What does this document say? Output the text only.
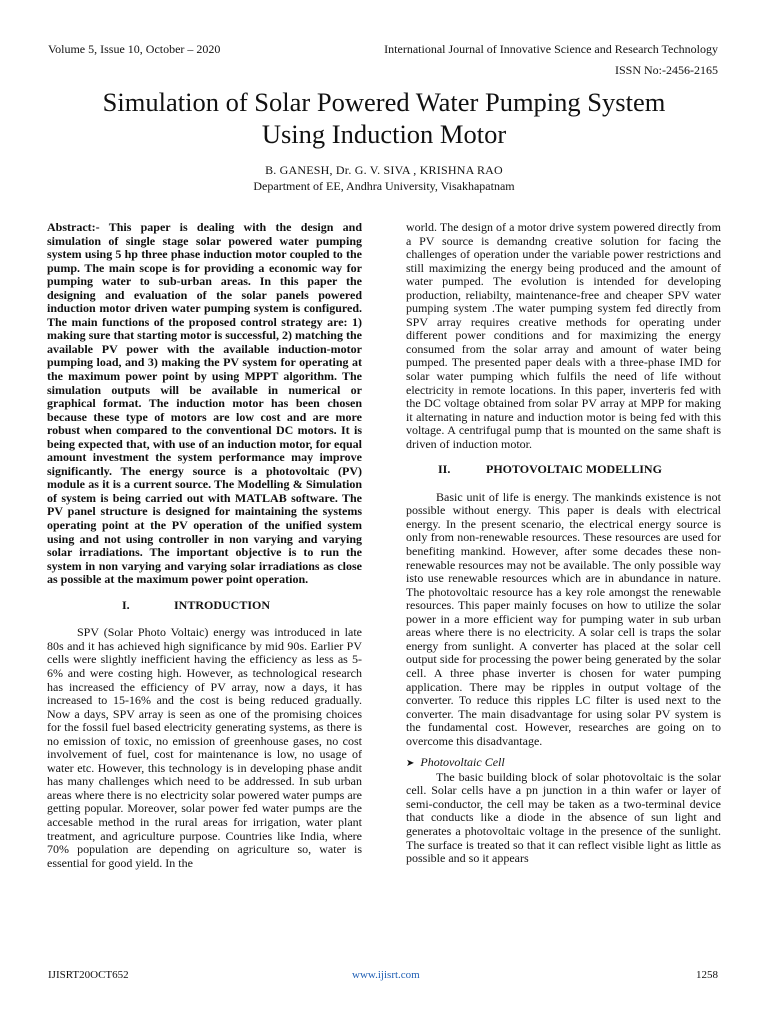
Volume 5, Issue 10, October – 2020	International Journal of Innovative Science and Research Technology
ISSN No:-2456-2165
Simulation of Solar Powered Water Pumping System
Using Induction Motor
B. GANESH, Dr. G. V. SIVA , KRISHNA RAO
Department of EE, Andhra University, Visakhapatnam

Abstract:- This paper is dealing with the design and simulation of single stage solar powered water pumping system using 5 hp three phase induction motor coupled to the pump. The main scope is for providing a economic way for pumping water to sub-urban areas. In this paper the designing and evaluation of the solar panels powered induction motor driven water pumping system is configured. The main functions of the proposed control strategy are: 1) making sure that starting motor is successful, 2) matching the available PV power with the available induction-motor pumping load, and 3) making the PV system for operating at the maximum power point by using MPPT algorithm. The simulation outputs will be available in numerical or graphical format. The induction motor has been chosen because these type of motors are low cost and are more robust when compared to the conventional DC motors. It is being expected that, with use of an induction motor, for equal amount investment the system performance may improve significantly. The energy source is a photovoltaic (PV) module as it is a current source. The Modelling & Simulation of system is being carried out with MATLAB software. The PV panel structure is designed for maintaining the systems operating point at the PV operation of the unified system using and not using controller in non varying and varying solar irradiations. The important objective is to run the system in non varying and varying solar irradiations as close as possible at the maximum power point operation.

I.	INTRODUCTION

SPV (Solar Photo Voltaic) energy was introduced in late 80s and it has achieved high significance by mid 90s. Earlier PV cells were slightly inefficient having the efficiency as less as 5-6% and were costing high. However, as technological research has increased the efficiency of PV array, now a days, it has increased to 15-16% and the cost is being reduced gradually. Now a days, SPV array is seen as one of the promising choices for the fossil fuel based electricity generating systems, as there is no emission of toxic, no emission of greenhouse gases, no cost involvement of fuel, cost for maintenance is low, no usage of water etc. However, this technology is in developing phase andit has many challenges which need to be addressed. In sub urban areas where there is no electricity solar powered water pumps are getting popular. Moreover, solar power fed water pumps are the accesable method in the rural areas for irrigation, water plant treatment, and agriculture purpose. Countries like India, where 70% population are depending on agriculture so, water is essential for good yield. In the

world. The design of a motor drive system powered directly from a PV source is demandng creative solution for facing the challenges of operation under the variable power restrictions and still maximizing the energy being produced and the amount of water pumped. The evolution is intended for developing production, reliabilty, maintenance-free and cheaper SPV water pumping system .The water pumping system fed directly from SPV array requires creative methods for operating under different power conditions and for maximizing the energy consumed from the solar array and amount of water being pumped. The presented paper deals with a three-phase IMD for solar water pumping which fulfils the need of life without electricity in remote locations. In this paper, inverteris fed with the DC voltage obtained from solar PV array at MPP for making it alternating in nature and induction motor is being fed with this voltage. A centrifugal pump that is mounted on the same shaft is driven of induction motor.

II.	PHOTOVOLTAIC MODELLING

Basic unit of life is energy. The mankinds existence is not possible without energy. This paper is deals with electrical energy. In the present scenario, the electrical energy source is only from non-renewable resources. These resources are used for benefiting mankind. However, after some decades these non-renewable resources may not be available. The only possible way isto use renewable resources which are in abundance in nature. The photovoltaic resource has a key role amongst the renewable resources. This paper mainly focuses on how to utilize the solar power in a more efficient way for pumping water in sub urban areas where there is no electricity. A solar cell is traps the solar energy from sunlight. A converter has placed at the solar cell output side for processing the power being generated by the solar cell. A three phase inverter is chosen for water pumping application. There may be ripples in output voltage of the converter. To reduce this ripples LC filter is used next to the converter. The main disadvantage for using solar PV system is the fundamental cost. However, researches are going on to overcome this disadvantage.

➤ Photovoltaic Cell

The basic building block of solar photovoltaic is the solar cell. Solar cells have a pn junction in a thin wafer or layer of semi-conductor, the cell may be taken as a two-terminal device that conducts like a diode in the absence of sun light and generates a photovoltaic voltage in the presence of the sunlight. The surface is treated so that it can reflect visible light as little as possible and so it appears

IJISRT20OCT652	www.ijisrt.com	1258
